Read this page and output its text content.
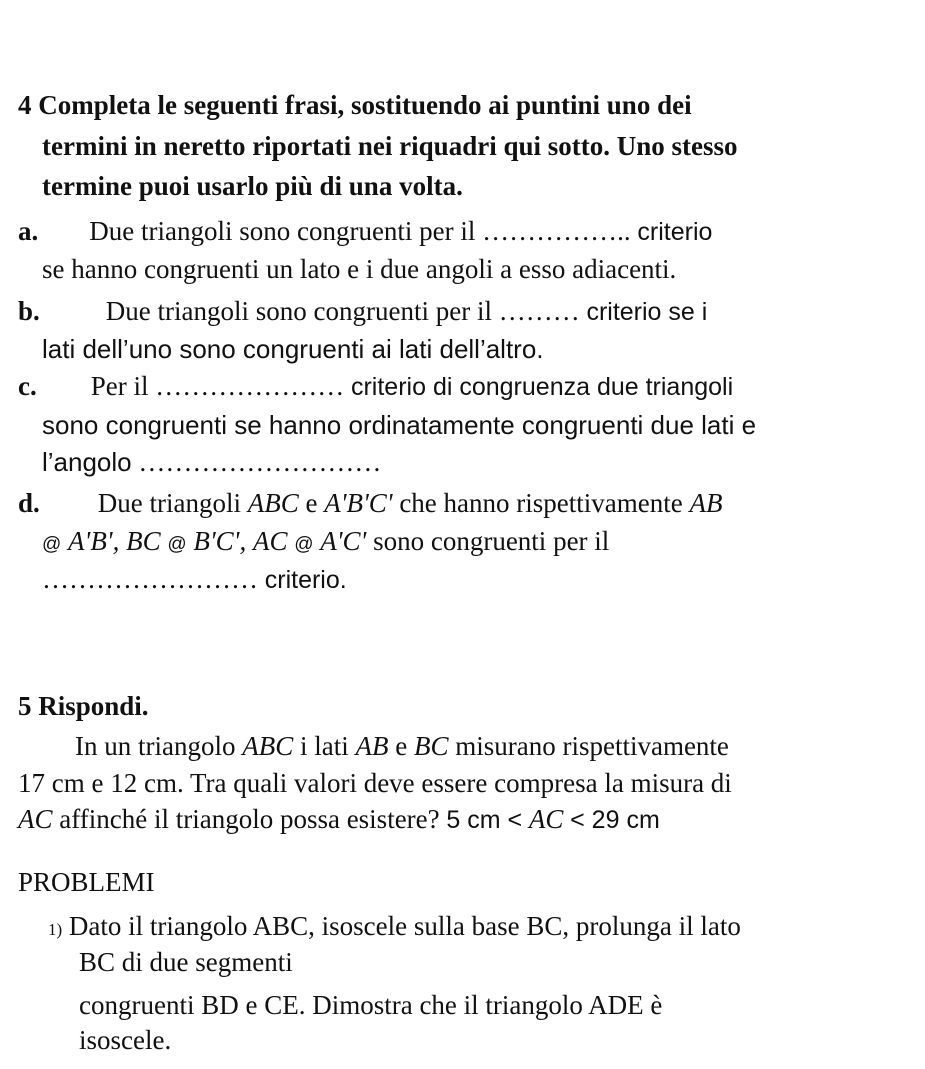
4 Completa le seguenti frasi, sostituendo ai puntini uno dei
termini in neretto riportati nei riquadri qui sotto. Uno stesso
termine puoi usarlo più di una volta.
a. Due triangoli sono congruenti per il …………….. criterio
se hanno congruenti un lato e i due angoli a esso adiacenti.
b. Due triangoli sono congruenti per il ……… criterio se i
lati dell’uno sono congruenti ai lati dell’altro.
c. Per il ………………… criterio di congruenza due triangoli
sono congruenti se hanno ordinatamente congruenti due lati e
l’angolo ………………………
d. Due triangoli ABC e A'B'C' che hanno rispettivamente AB
@ A'B', BC @ B'C', AC @ A'C' sono congruenti per il
…………………… criterio.
5 Rispondi.
In un triangolo ABC i lati AB e BC misurano rispettivamente
17 cm e 12 cm. Tra quali valori deve essere compresa la misura di
AC affinché il triangolo possa esistere? 5 cm < AC < 29 cm
PROBLEMI
1) Dato il triangolo ABC, isoscele sulla base BC, prolunga il lato
BC di due segmenti
congruenti BD e CE. Dimostra che il triangolo ADE è
isoscele.
